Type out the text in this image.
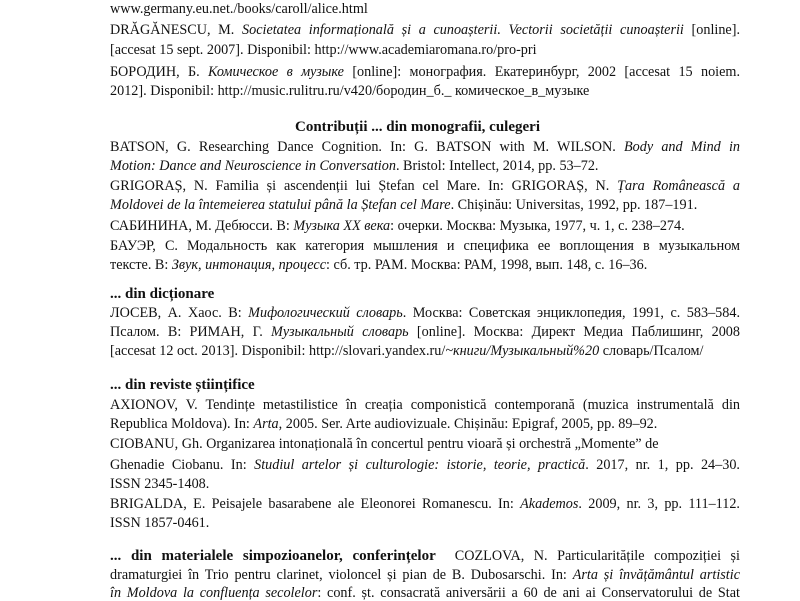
www.germany.eu.net./books/caroll/alice.html
DRĂGĂNESCU, M. Societatea informațională și a cunoașterii. Vectorii societății cunoașterii [online].
[accesat 15 sept. 2007]. Disponibil: http://www.academiaromana.ro/pro-pri
БОРОДИН, Б. Комическое в музыке [online]: монография. Екатеринбург, 2002 [accesat 15 noiem.
2012]. Disponibil: http://music.rulitru.ru/v420/бородин_б._ комическое_в_музыке
Contribuții ... din monografii, culegeri
BATSON, G. Researching Dance Cognition. In: G. BATSON with M. WILSON. Body and Mind in
Motion: Dance and Neuroscience in Conversation. Bristol: Intellect, 2014, pp. 53–72.
GRIGORAȘ, N. Familia și ascendenții lui Ștefan cel Mare. In: GRIGORAȘ, N. Țara Românească a
Moldovei de la întemeierea statului până la Ștefan cel Mare. Chișinău: Universitas, 1992, pp. 187–191.
САБИНИНА, М. Дебюсси. В: Музыка XX века: очерки. Москва: Музыка, 1977, ч. 1, с. 238–274.
БАУЭР, С. Модальность как категория мышления и специфика ее воплощения в музыкальном
тексте. В: Звук, интонация, процесс: сб. тр. РАМ. Москва: РАМ, 1998, вып. 148, с. 16–36.
... din dicționare
ЛОСЕВ, А. Хаос. В: Мифологический словарь. Москва: Советская энциклопедия, 1991, с. 583–584.
Псалом. В: РИМАН, Г. Музыкальный словарь [online]. Москва: Директ Медиа Паблишинг, 2008
[accesat 12 oct. 2013]. Disponibil: http://slovari.yandex.ru/~книги/Музыкальный%20 словарь/Псалом/
... din reviste științifice
AXIONOV, V. Tendințe metastilistice în creația componistică contemporană (muzica instrumentală din
Republica Moldova). In: Arta, 2005. Ser. Arte audiovizuale. Chișinău: Epigraf, 2005, pp. 89–92.
CIOBANU, Gh. Organizarea intonațională în concertul pentru vioară și orchestră „Momente” de
Ghenadie Ciobanu. In: Studiul artelor și culturologie: istorie, teorie, practică. 2017, nr. 1, pp. 24–30.
ISSN 2345-1408.
BRIGALDA, E. Peisajele basarabene ale Eleonorei Romanescu. In: Akademos. 2009, nr. 3, pp. 111–112.
ISSN 1857-0461.
... din materialele simpozioanelor, conferințelor COZLOVA, N. Particularitățile compoziției și
dramaturgiei în Trio pentru clarinet, violoncel și pian de B. Dubosarschi. In: Arta și învățământul artistic
în Moldova la confluența secolelor: conf. șt. consacrată aniversării a 60 de ani ai Conservatorului de Stat
